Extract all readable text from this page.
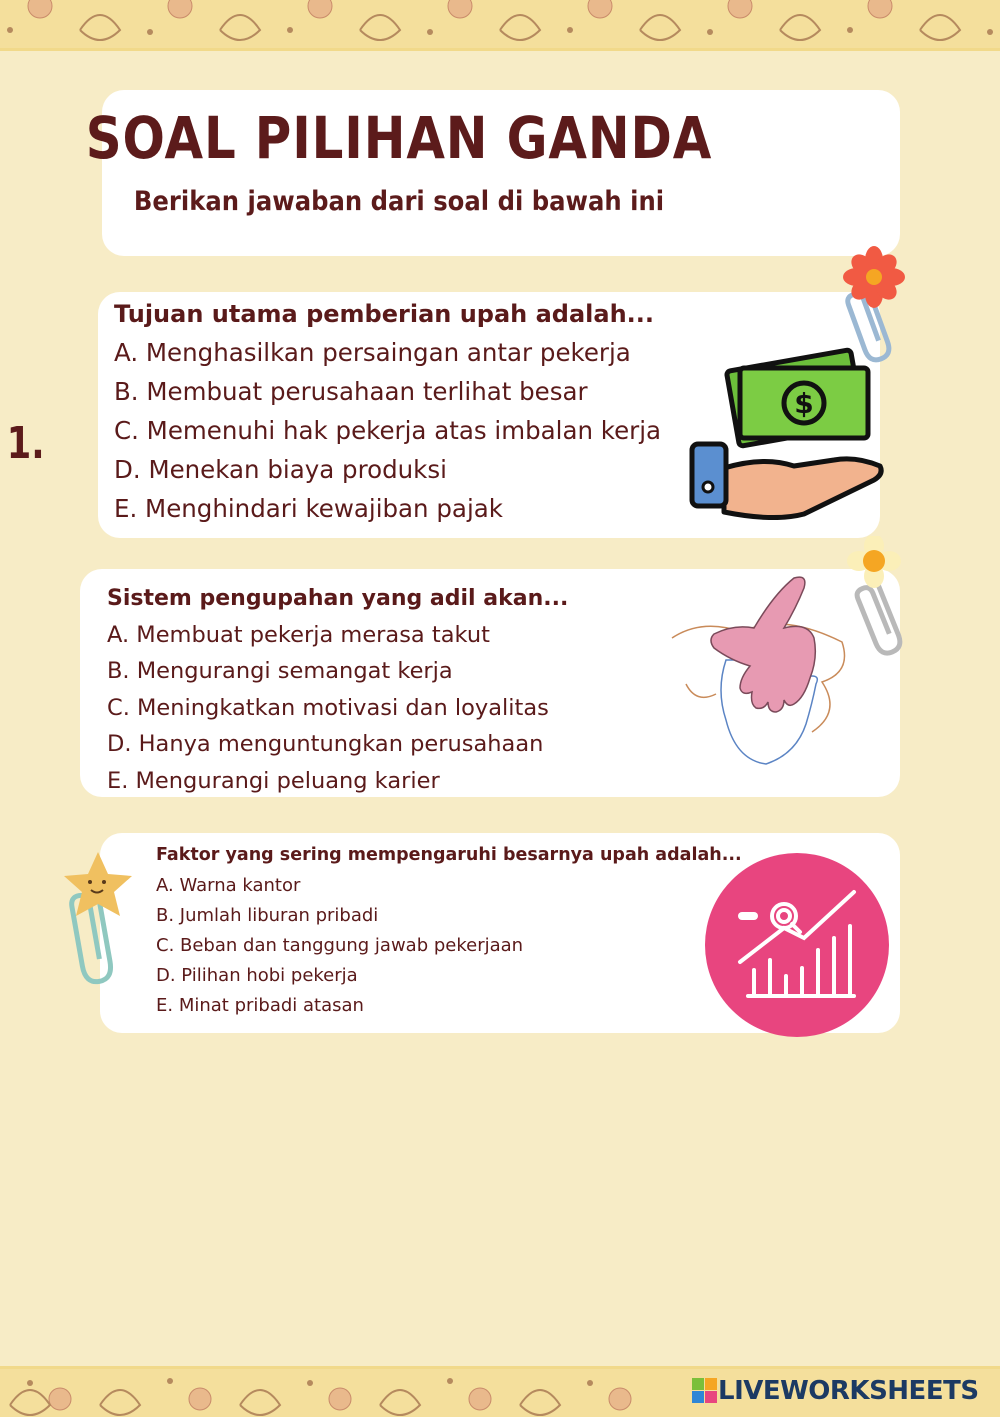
SOAL PILIHAN GANDA
Berikan jawaban dari soal di bawah ini
1.
Tujuan utama pemberian upah adalah...
A. Menghasilkan persaingan antar pekerja
B. Membuat perusahaan terlihat besar
C. Memenuhi hak pekerja atas imbalan kerja
D. Menekan biaya produksi
E. Menghindari kewajiban pajak
$
Sistem pengupahan yang adil akan...
A. Membuat pekerja merasa takut
B. Mengurangi semangat kerja
C. Meningkatkan motivasi dan loyalitas
D. Hanya menguntungkan perusahaan
E. Mengurangi peluang karier
Faktor yang sering mempengaruhi besarnya upah adalah...
A. Warna kantor
B. Jumlah liburan pribadi
C. Beban dan tanggung jawab pekerjaan
D. Pilihan hobi pekerja
E. Minat pribadi atasan
LIVEWORKSHEETS
